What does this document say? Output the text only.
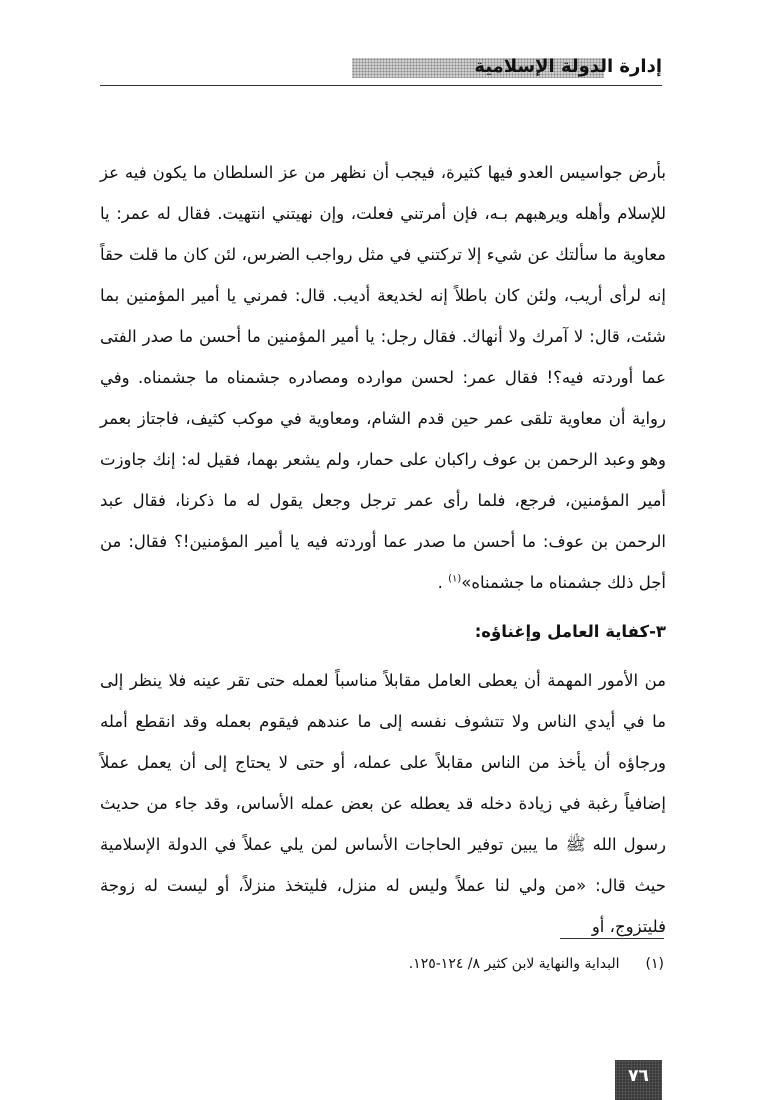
إدارة الدولة الإسلامية

بأرض جواسيس العدو فيها كثيرة، فيجب أن نظهر من عز السلطان ما يكون فيه عز للإسلام وأهله ويرهبهم بـه، فإن أمرتني فعلت، وإن نهيتني انتهيت. فقال له عمر: يا معاوية ما سألتك عن شيء إلا تركتني في مثل رواجب الضرس، لئن كان ما قلت حقاً إنه لرأى أريب، ولئن كان باطلاً إنه لخديعة أديب. قال: فمرني يا أمير المؤمنين بما شئت، قال: لا آمرك ولا أنهاك. فقال رجل: يا أمير المؤمنين ما أحسن ما صدر الفتى عما أوردته فيه؟! فقال عمر: لحسن موارده ومصادره جشمناه ما جشمناه. وفي رواية أن معاوية تلقى عمر حين قدم الشام، ومعاوية في موكب كثيف، فاجتاز بعمر وهو وعبد الرحمن بن عوف راكبان على حمار، ولم يشعر بهما، فقيل له: إنك جاوزت أمير المؤمنين، فرجع، فلما رأى عمر ترجل وجعل يقول له ما ذكرنا، فقال عبد الرحمن بن عوف: ما أحسن ما صدر عما أوردته فيه يا أمير المؤمنين!؟ فقال: من أجل ذلك جشمناه ما جشمناه»$^{(١)}$ .

٣-كفاية العامل وإغناؤه:

من الأمور المهمة أن يعطى العامل مقابلاً مناسباً لعمله حتى تقر عينه فلا ينظر إلى ما في أيدي الناس ولا تتشوف نفسه إلى ما عندهم فيقوم بعمله وقد انقطع أمله ورجاؤه أن يأخذ من الناس مقابلاً على عمله، أو حتى لا يحتاج إلى أن يعمل عملاً إضافياً رغبة في زيادة دخله قد يعطله عن بعض عمله الأساس، وقد جاء من حديث رسول الله ﷺ ما يبين توفير الحاجات الأساس لمن يلي عملاً في الدولة الإسلامية حيث قال: «من ولي لنا عملاً وليس له منزل، فليتخذ منزلاً، أو ليست له زوجة فليتزوج، أو

(١)البداية والنهاية لابن كثير ٨/ ١٢٤-١٢٥.
٧٦
